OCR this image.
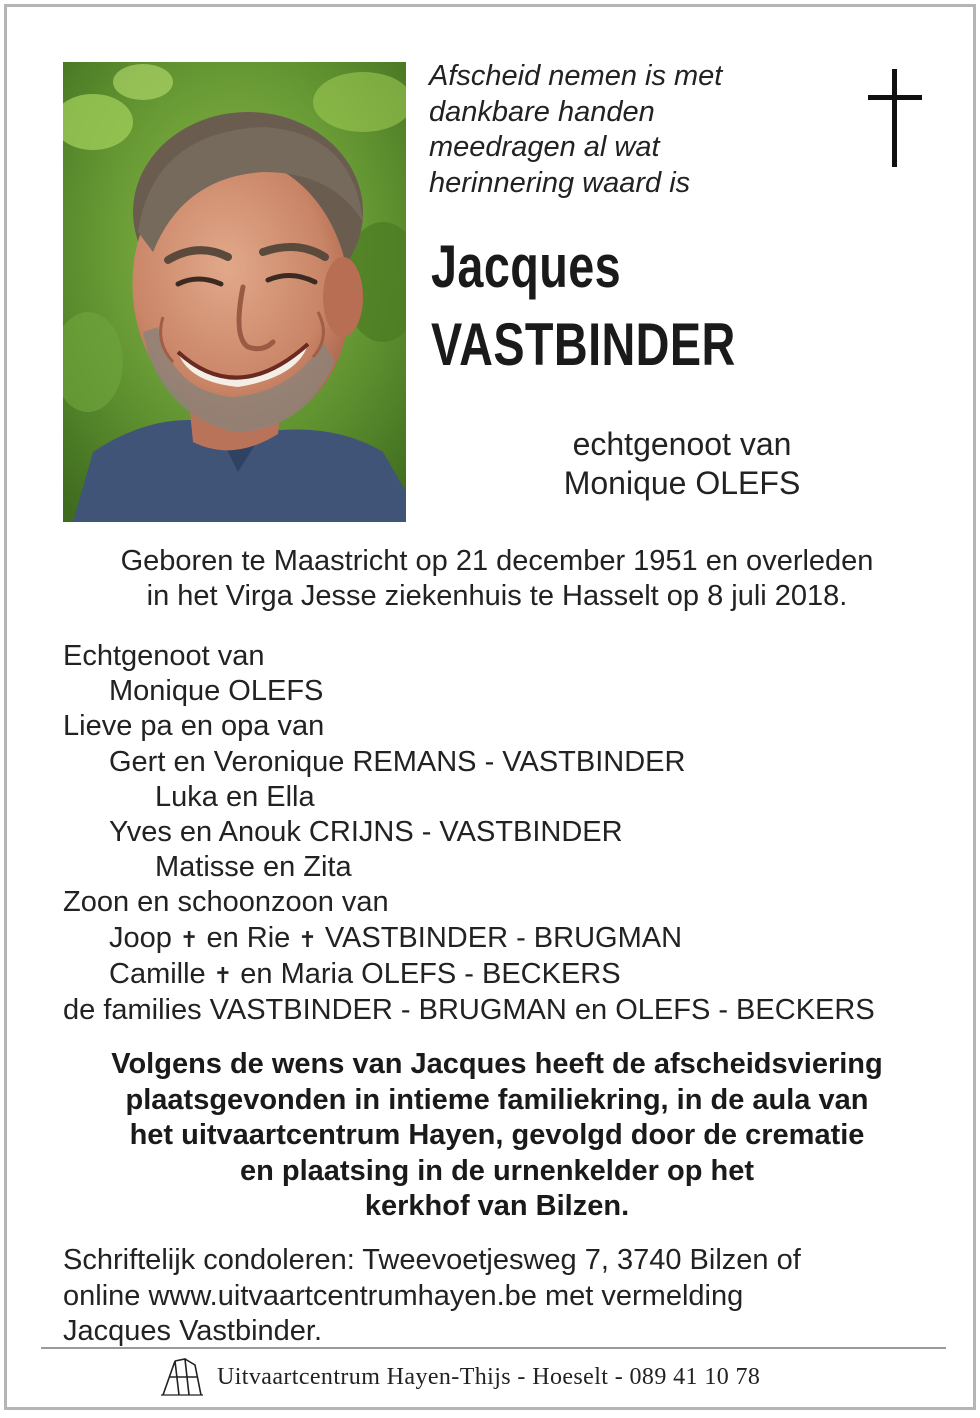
Afscheid nemen is met
dankbare handen
meedragen al wat
herinnering waard is
Jacques
VASTBINDER
echtgenoot van
Monique OLEFS
Geboren te Maastricht op 21 december 1951 en overleden
in het Virga Jesse ziekenhuis te Hasselt op 8 juli 2018.
Echtgenoot van
Monique OLEFS
Lieve pa en opa van
Gert en Veronique REMANS - VASTBINDER
Luka en Ella
Yves en Anouk CRIJNS - VASTBINDER
Matisse en Zita
Zoon en schoonzoon van
Joop ✝ en Rie ✝ VASTBINDER - BRUGMAN
Camille ✝ en Maria OLEFS - BECKERS
de families VASTBINDER - BRUGMAN en OLEFS - BECKERS
Volgens de wens van Jacques heeft de afscheidsviering
plaatsgevonden in intieme familiekring, in de aula van
het uitvaartcentrum Hayen, gevolgd door de crematie
en plaatsing in de urnenkelder op het
kerkhof van Bilzen.
Schriftelijk condoleren: Tweevoetjesweg 7, 3740 Bilzen of
online www.uitvaartcentrumhayen.be met vermelding
Jacques Vastbinder.
Uitvaartcentrum Hayen-Thijs - Hoeselt - 089 41 10 78
